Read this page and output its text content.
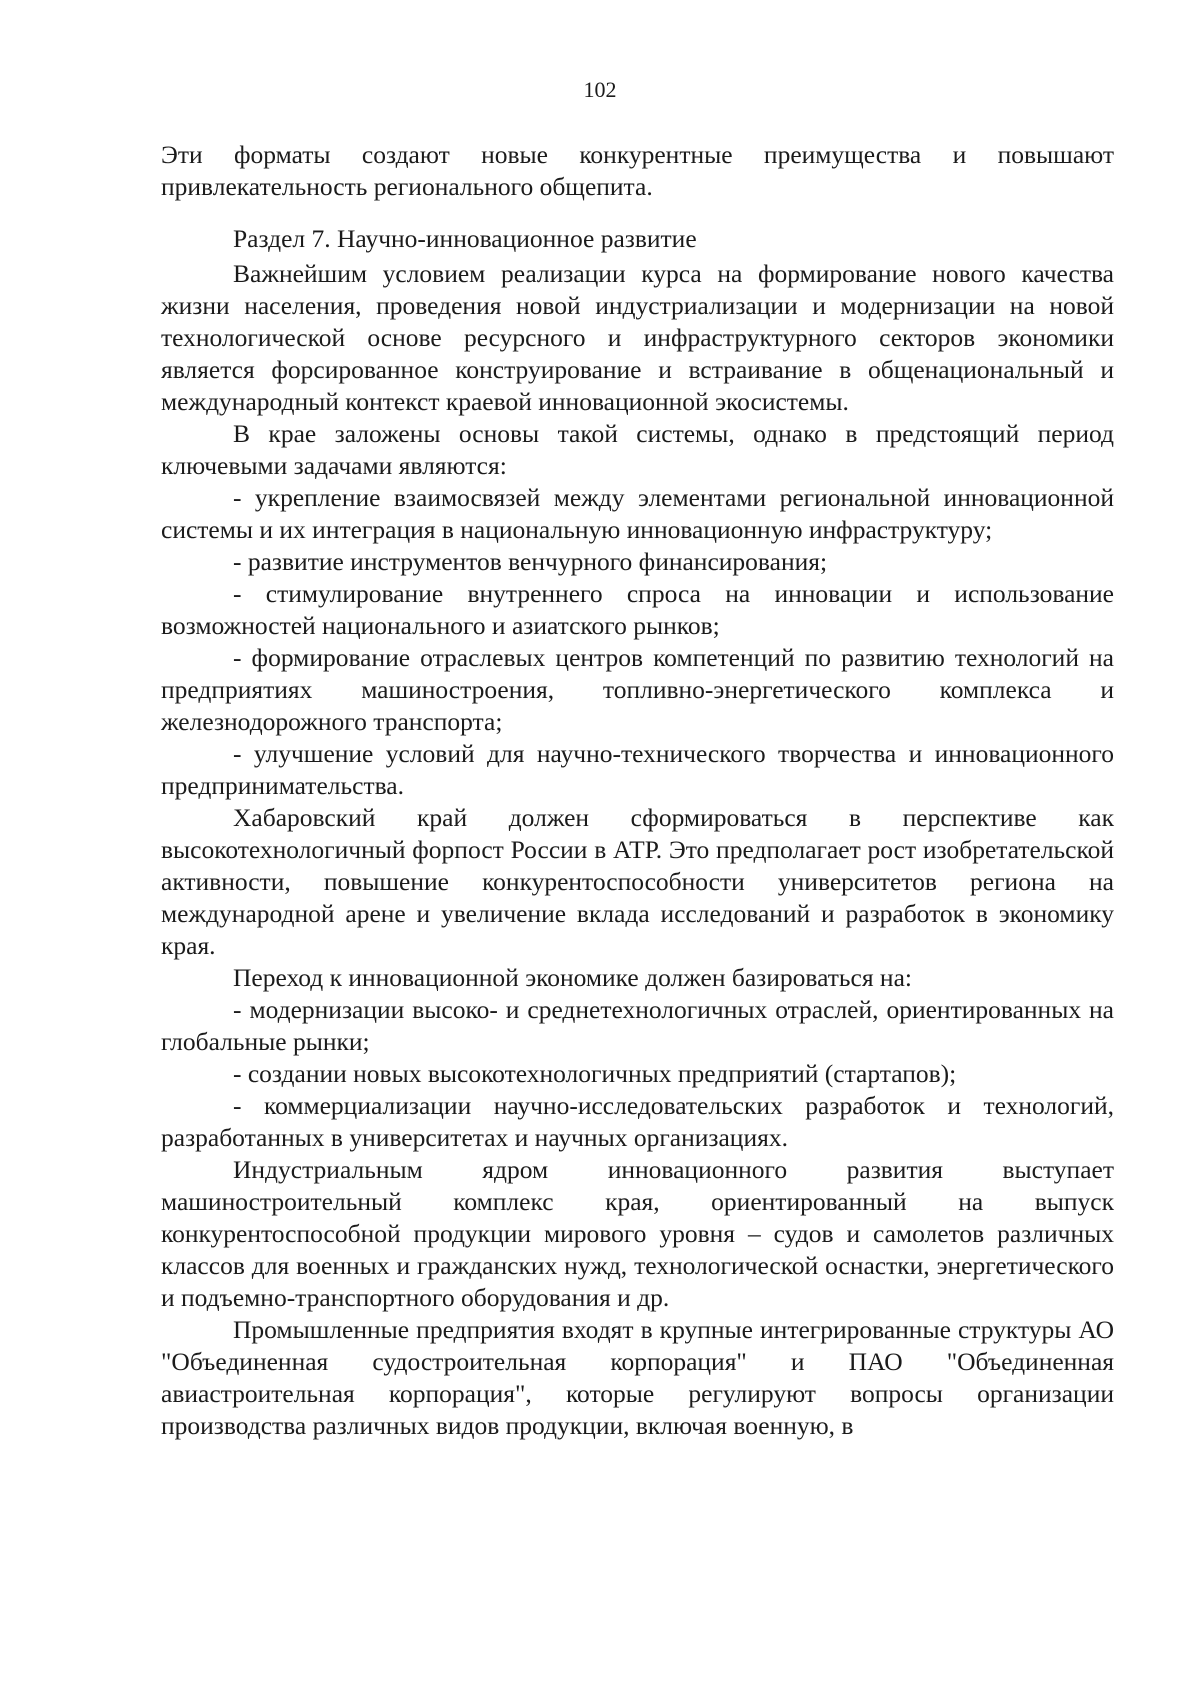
102

Эти форматы создают новые конкурентные преимущества и повышают привлекательность регионального общепита.

Раздел 7. Научно-инновационное развитие

Важнейшим условием реализации курса на формирование нового качества жизни населения, проведения новой индустриализации и модернизации на новой технологической основе ресурсного и инфраструктурного секторов экономики является форсированное конструирование и встраивание в общенациональный и международный контекст краевой инновационной экосистемы.

В крае заложены основы такой системы, однако в предстоящий период ключевыми задачами являются:

- укрепление взаимосвязей между элементами региональной инновационной системы и их интеграция в национальную инновационную инфраструктуру;

- развитие инструментов венчурного финансирования;

- стимулирование внутреннего спроса на инновации и использование возможностей национального и азиатского рынков;

- формирование отраслевых центров компетенций по развитию технологий на предприятиях машиностроения, топливно-энергетического комплекса и железнодорожного транспорта;

- улучшение условий для научно-технического творчества и инновационного предпринимательства.

Хабаровский край должен сформироваться в перспективе как высокотехнологичный форпост России в АТР. Это предполагает рост изобретательской активности, повышение конкурентоспособности университетов региона на международной арене и увеличение вклада исследований и разработок в экономику края.

Переход к инновационной экономике должен базироваться на:

- модернизации высоко- и среднетехнологичных отраслей, ориентированных на глобальные рынки;

- создании новых высокотехнологичных предприятий (стартапов);

- коммерциализации научно-исследовательских разработок и технологий, разработанных в университетах и научных организациях.

Индустриальным ядром инновационного развития выступает машиностроительный комплекс края, ориентированный на выпуск конкурентоспособной продукции мирового уровня – судов и самолетов различных классов для военных и гражданских нужд, технологической оснастки, энергетического и подъемно-транспортного оборудования и др.

Промышленные предприятия входят в крупные интегрированные структуры АО "Объединенная судостроительная корпорация" и ПАО "Объединенная авиастроительная корпорация", которые регулируют вопросы организации производства различных видов продукции, включая военную, в
